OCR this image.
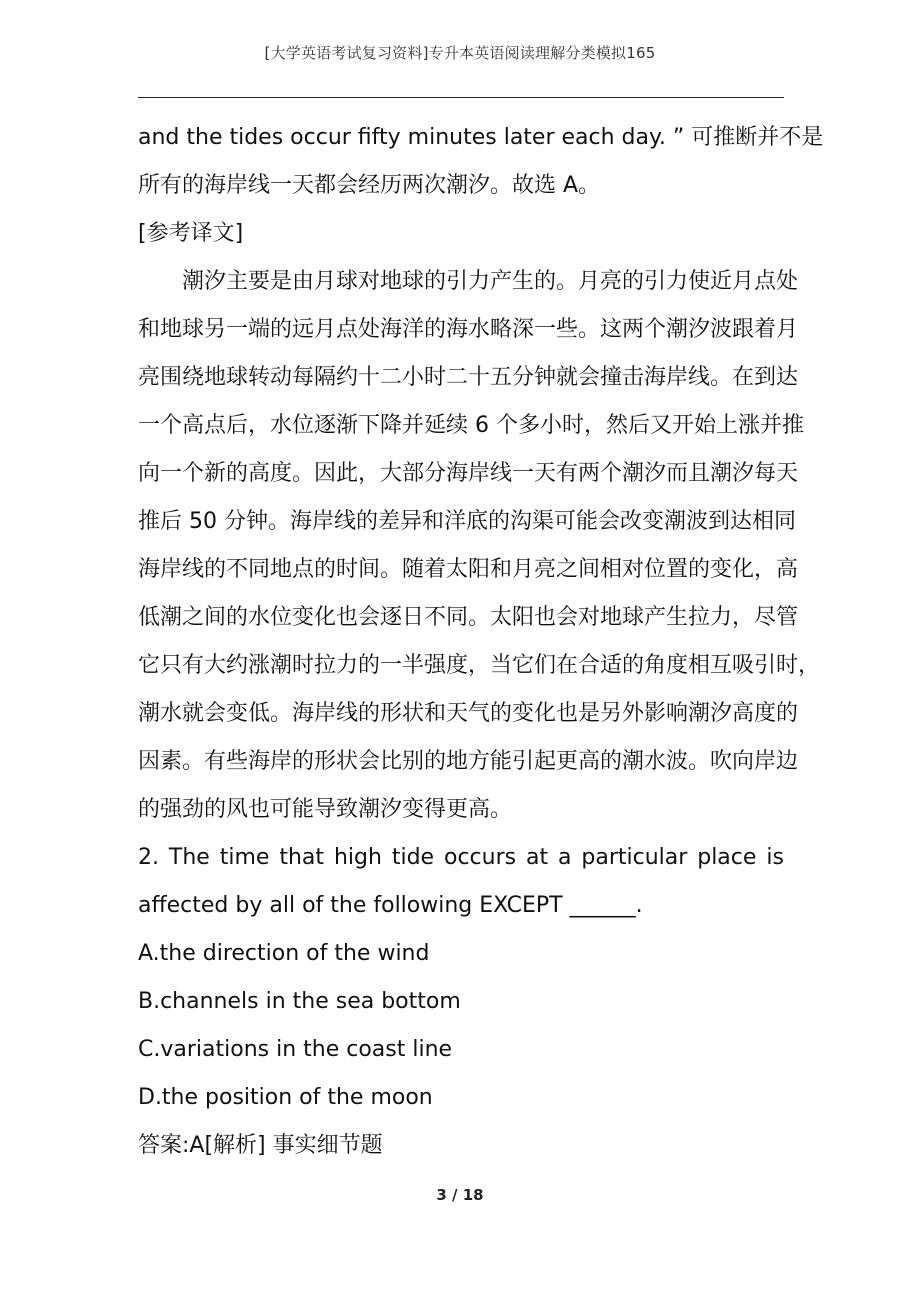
[大学英语考试复习资料]专升本英语阅读理解分类模拟165
and the tides occur fifty minutes later each day. ” 可推断并不是
所有的海岸线一天都会经历两次潮汐。故选 A。
[参考译文]
潮汐主要是由月球对地球的引力产生的。月亮的引力使近月点处
和地球另一端的远月点处海洋的海水略深一些。这两个潮汐波跟着月
亮围绕地球转动每隔约十二小时二十五分钟就会撞击海岸线。在到达
一个高点后，水位逐渐下降并延续 6 个多小时，然后又开始上涨并推
向一个新的高度。因此，大部分海岸线一天有两个潮汐而且潮汐每天
推后 50 分钟。海岸线的差异和洋底的沟渠可能会改变潮波到达相同
海岸线的不同地点的时间。随着太阳和月亮之间相对位置的变化，高
低潮之间的水位变化也会逐日不同。太阳也会对地球产生拉力，尽管
它只有大约涨潮时拉力的一半强度，当它们在合适的角度相互吸引时，
潮水就会变低。海岸线的形状和天气的变化也是另外影响潮汐高度的
因素。有些海岸的形状会比别的地方能引起更高的潮水波。吹向岸边
的强劲的风也可能导致潮汐变得更高。
2. The time that high tide occurs at a particular place is
affected by all of the following EXCEPT ______.
A.the direction of the wind
B.channels in the sea bottom
C.variations in the coast line
D.the position of the moon
答案:A[解析] 事实细节题
3 / 18
